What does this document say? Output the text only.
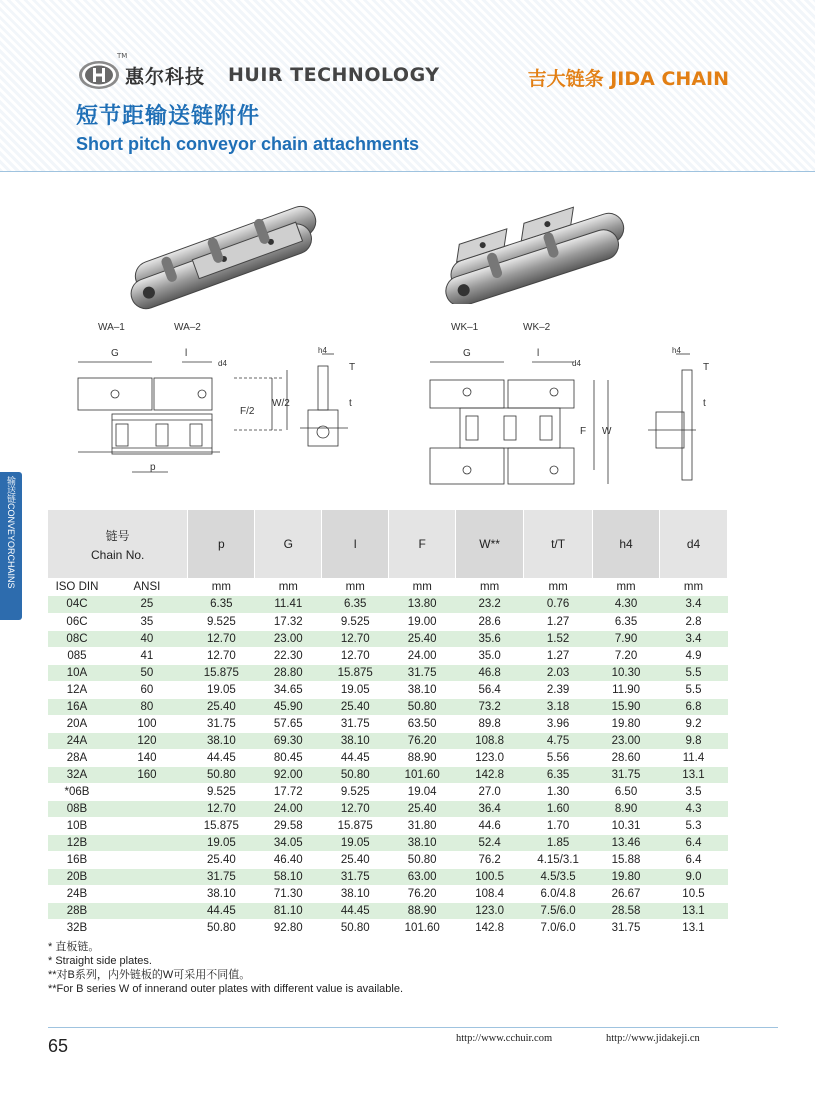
TM
惠尔科技 HUIR TECHNOLOGY	吉大链条 JIDA CHAIN
短节距输送链附件
Short pitch conveyor chain attachments
WA–1	WA–2	WK–1	WK–2
G	l
d4
F/2
W/2
h4
T
t
p
G	l
d4
F W
h4
T
t
输送链CONVEYORCHAINS	链号
Chain No.		p	G	l	F	W**	t/T	h4	d4
ISO DIN	ANSI	mm	mm	mm	mm	mm	mm	mm	mm
04C	25	6.35	11.41	6.35	13.80	23.2	0.76	4.30	3.4
06C	35	9.525	17.32	9.525	19.00	28.6	1.27	6.35	2.8
08C	40	12.70	23.00	12.70	25.40	35.6	1.52	7.90	3.4
085	41	12.70	22.30	12.70	24.00	35.0	1.27	7.20	4.9
10A	50	15.875	28.80	15.875	31.75	46.8	2.03	10.30	5.5
12A	60	19.05	34.65	19.05	38.10	56.4	2.39	11.90	5.5
16A	80	25.40	45.90	25.40	50.80	73.2	3.18	15.90	6.8
20A	100	31.75	57.65	31.75	63.50	89.8	3.96	19.80	9.2
24A	120	38.10	69.30	38.10	76.20	108.8	4.75	23.00	9.8
28A	140	44.45	80.45	44.45	88.90	123.0	5.56	28.60	11.4
32A	160	50.80	92.00	50.80	101.60	142.8	6.35	31.75	13.1
*06B		9.525	17.72	9.525	19.04	27.0	1.30	6.50	3.5
08B		12.70	24.00	12.70	25.40	36.4	1.60	8.90	4.3
10B		15.875	29.58	15.875	31.80	44.6	1.70	10.31	5.3
12B		19.05	34.05	19.05	38.10	52.4	1.85	13.46	6.4
16B		25.40	46.40	25.40	50.80	76.2	4.15/3.1	15.88	6.4
20B		31.75	58.10	31.75	63.00	100.5	4.5/3.5	19.80	9.0
24B		38.10	71.30	38.10	76.20	108.4	6.0/4.8	26.67	10.5
28B		44.45	81.10	44.45	88.90	123.0	7.5/6.0	28.58	13.1
32B		50.80	92.80	50.80	101.60	142.8	7.0/6.0	31.75	13.1
* 直板链。
* Straight side plates.
**对B系列，内外链板的W可采用不同值。
**For B series W of innerand outer plates with different value is available.
65	http://www.cchuir.com	http://www.jidakeji.cn
